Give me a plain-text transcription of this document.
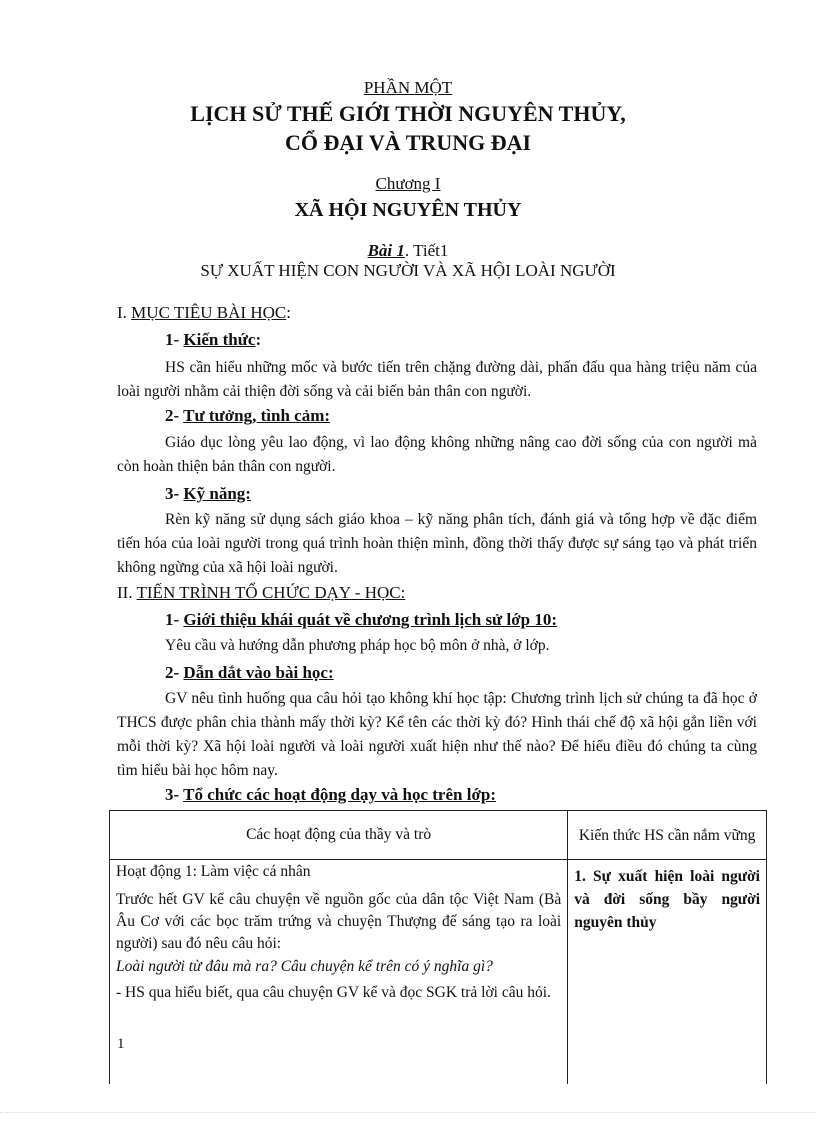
PHẦN MỘT
LỊCH SỬ THẾ GIỚI THỜI NGUYÊN THỦY,
CỔ ĐẠI VÀ TRUNG ĐẠI
Chương I
XÃ HỘI NGUYÊN THỦY
Bài 1. Tiết1
SỰ XUẤT HIỆN CON NGƯỜI VÀ XÃ HỘI LOÀI NGƯỜI
I. MỤC TIÊU BÀI HỌC:
1- Kiến thức:
HS cần hiểu những mốc và bước tiến trên chặng đường dài, phấn đấu qua hàng triệu năm của loài người nhằm cải thiện đời sống và cải biến bản thân con người.
2- Tư tưởng, tình cảm:
Giáo dục lòng yêu lao động, vì lao động không những nâng cao đời sống của con người mà còn hoàn thiện bản thân con người.
3- Kỹ năng:
Rèn kỹ năng sử dụng sách giáo khoa – kỹ năng phân tích, đánh giá và tổng hợp về đặc điểm tiến hóa của loài người trong quá trình hoàn thiện mình, đồng thời thấy được sự sáng tạo và phát triển không ngừng của xã hội loài người.
II. TIẾN TRÌNH TỔ CHỨC DẠY - HỌC:
1- Giới thiệu khái quát về chương trình lịch sử lớp 10:
Yêu cầu và hướng dẫn phương pháp học bộ môn ở nhà, ở lớp.
2- Dẫn dắt vào bài học:
GV nêu tình huống qua câu hỏi tạo không khí học tập: Chương trình lịch sử chúng ta đã học ở THCS được phân chia thành mấy thời kỳ? Kể tên các thời kỳ đó? Hình thái chế độ xã hội gắn liền với mỗi thời kỳ? Xã hội loài người và loài người xuất hiện như thế nào? Để hiểu điều đó chúng ta cùng tìm hiểu bài học hôm nay.
3- Tổ chức các hoạt động dạy và học trên lớp:
Các hoạt động của thầy và trò	Kiến thức HS cần nắm vững

Hoạt động 1: Làm việc cá nhân

Trước hết GV kể câu chuyện về nguồn gốc của dân tộc Việt Nam (Bà Âu Cơ với các bọc trăm trứng và chuyện Thượng đế sáng tạo ra loài người) sau đó nêu câu hỏi:

Loài người từ đâu mà ra? Câu chuyện kể trên có ý nghĩa gì?

- HS qua hiểu biết, qua câu chuyện GV kể và đọc SGK trả lời câu hỏi.	1. Sự xuất hiện loài người và đời sống bầy người nguyên thủy
1
